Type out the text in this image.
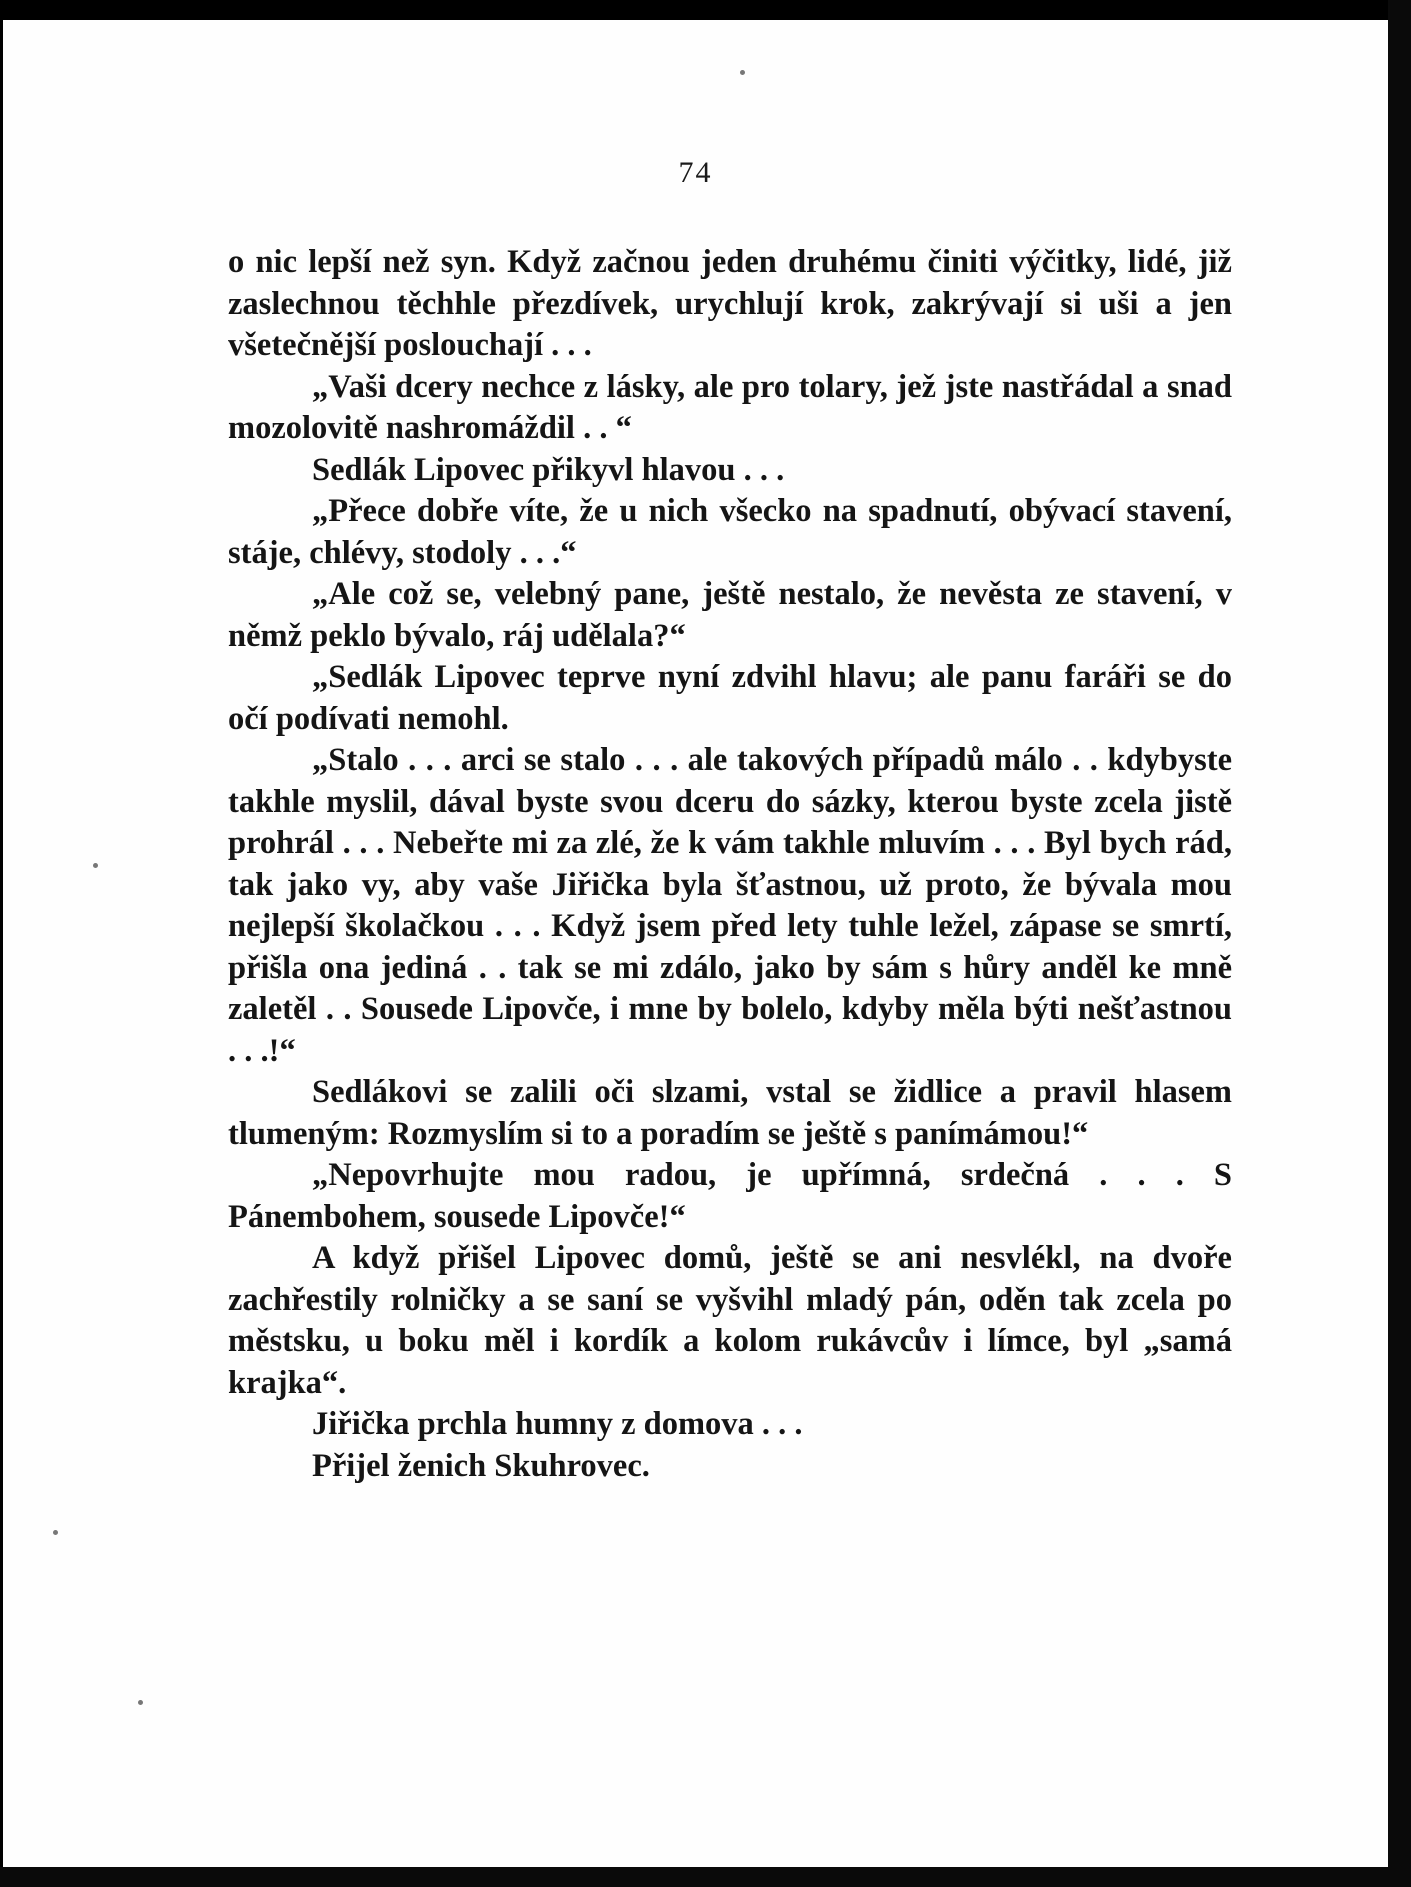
74

o nic lepší než syn. Když začnou jeden druhému činiti výčitky, lidé, již zaslechnou těchhle přezdívek, urychlují krok, zakrývají si uši a jen všetečnější poslouchají . . .

„Vaši dcery nechce z lásky, ale pro tolary, jež jste nastřádal a snad mozolovitě nashromáždil . . “

Sedlák Lipovec přikyvl hlavou . . .

„Přece dobře víte, že u nich všecko na spadnutí, obývací stavení, stáje, chlévy, stodoly . . .“

„Ale což se, velebný pane, ještě nestalo, že nevěsta ze stavení, v němž peklo bývalo, ráj udělala?“

„Sedlák Lipovec teprve nyní zdvihl hlavu; ale panu faráři se do očí podívati nemohl.

„Stalo . . . arci se stalo . . . ale takových případů málo . . kdybyste takhle myslil, dával byste svou dceru do sázky, kterou byste zcela jistě prohrál . . . Nebeřte mi za zlé, že k vám takhle mluvím . . . Byl bych rád, tak jako vy, aby vaše Jiřička byla šťastnou, už proto, že bývala mou nejlepší školačkou . . . Když jsem před lety tuhle ležel, zápase se smrtí, přišla ona jediná . . tak se mi zdálo, jako by sám s hůry anděl ke mně zaletěl . . Sousede Lipovče, i mne by bolelo, kdyby měla býti nešťastnou . . .!“

Sedlákovi se zalili oči slzami, vstal se židlice a pravil hlasem tlumeným: Rozmyslím si to a poradím se ještě s panímámou!“

„Nepovrhujte mou radou, je upřímná, srdečná . . . S Pánembohem, sousede Lipovče!“

A když přišel Lipovec domů, ještě se ani nesvlékl, na dvoře zachřestily rolničky a se saní se vyšvihl mladý pán, oděn tak zcela po městsku, u boku měl i kordík a kolom rukávcův i límce, byl „samá krajka“.

Jiřička prchla humny z domova . . .

Přijel ženich Skuhrovec.
